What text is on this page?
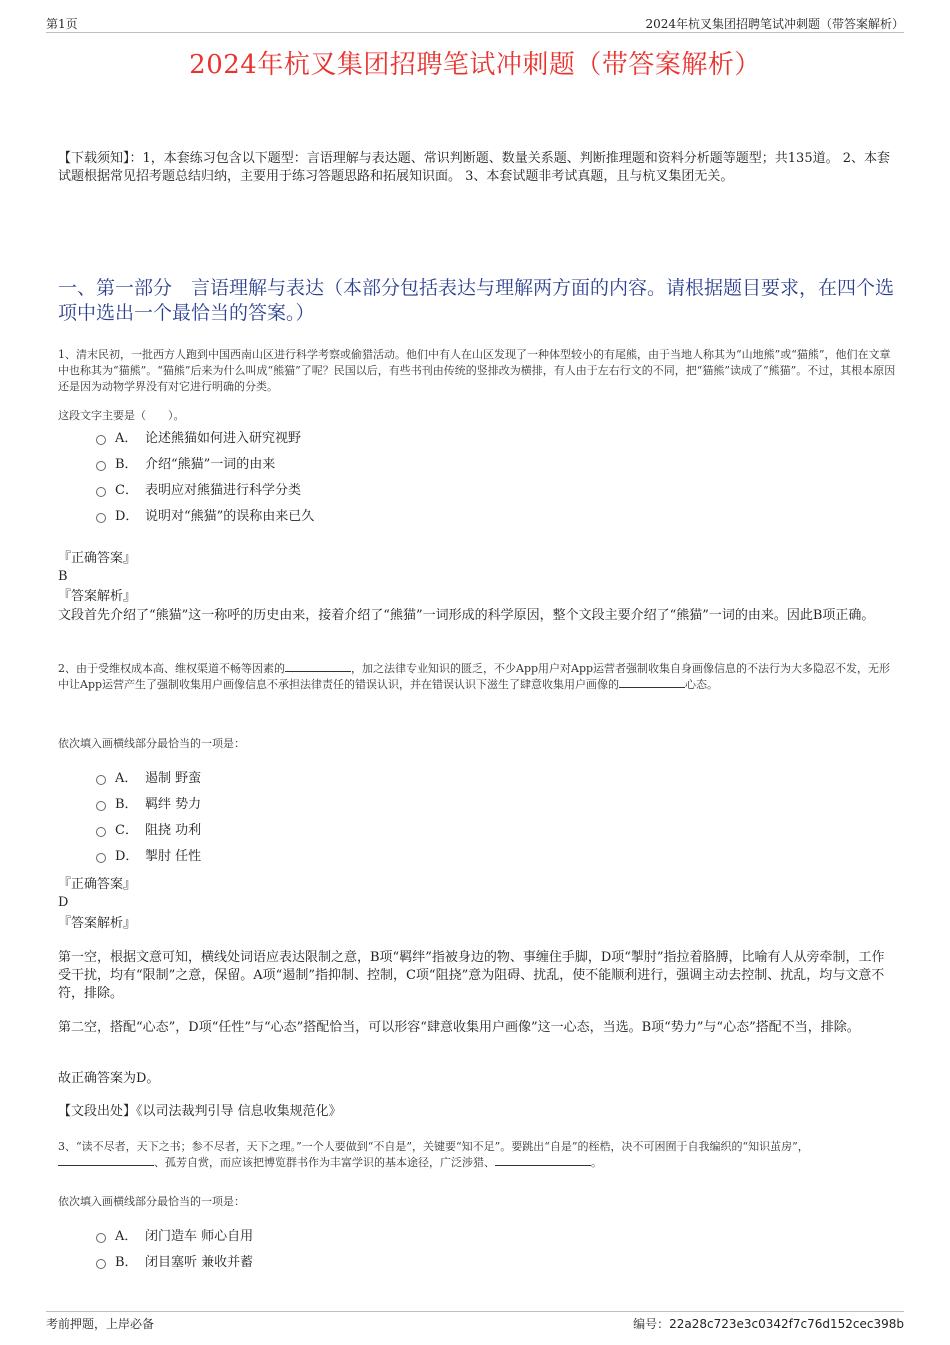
第1页	2024年杭叉集团招聘笔试冲刺题（带答案解析）
2024年杭叉集团招聘笔试冲刺题（带答案解析）
【下载须知】：1，本套练习包含以下题型：言语理解与表达题、常识判断题、数量关系题、判断推理题和资料分析题等题型；共135道。 2、本套试题根据常见招考题总结归纳，主要用于练习答题思路和拓展知识面。 3、本套试题非考试真题，且与杭叉集团无关。
一、第一部分　言语理解与表达（本部分包括表达与理解两方面的内容。请根据题目要求，在四个选项中选出一个最恰当的答案。）
1、清末民初，一批西方人跑到中国西南山区进行科学考察或偷猎活动。他们中有人在山区发现了一种体型较小的有尾熊，由于当地人称其为“山地熊”或“猫熊”，他们在文章中也称其为“猫熊”。“猫熊”后来为什么叫成“熊猫”了呢？民国以后，有些书刊由传统的竖排改为横排，有人由于左右行文的不同，把“猫熊”读成了“熊猫”。不过，其根本原因还是因为动物学界没有对它进行明确的分类。
这段文字主要是（　　）。
A． 论述熊猫如何进入研究视野
B． 介绍“熊猫”一词的由来
C． 表明应对熊猫进行科学分类
D． 说明对“熊猫”的误称由来已久
『正确答案』
B
『答案解析』
文段首先介绍了“熊猫”这一称呼的历史由来，接着介绍了“熊猫”一词形成的科学原因，整个文段主要介绍了“熊猫”一词的由来。因此B项正确。
2、由于受维权成本高、维权渠道不畅等因素的	，加之法律专业知识的匮乏，不少App用户对App运营者强制收集自身画像信息的不法行为大多隐忍不发，无形中让App运营产生了强制收集用户画像信息不承担法律责任的错误认识，并在错误认识下滋生了肆意收集用户画像的	心态。
依次填入画横线部分最恰当的一项是：
A． 遏制 野蛮
B． 羁绊 势力
C． 阻挠 功利
D． 掣肘 任性
『正确答案』
D
『答案解析』
第一空，根据文意可知，横线处词语应表达限制之意，B项“羁绊”指被身边的物、事缠住手脚，D项“掣肘”指拉着胳膊，比喻有人从旁牵制，工作受干扰，均有“限制”之意，保留。A项“遏制”指抑制、控制，C项“阻挠”意为阻碍、扰乱，使不能顺利进行，强调主动去控制、扰乱，均与文意不符，排除。
第二空，搭配“心态”，D项“任性”与“心态”搭配恰当，可以形容“肆意收集用户画像”这一心态，当选。B项“势力”与“心态”搭配不当，排除。
故正确答案为D。
【文段出处】《以司法裁判引导 信息收集规范化》
3、“读不尽者，天下之书；参不尽者，天下之理。”一个人要做到“不自是”，关键要“知不足”。要跳出“自是”的桎梏，决不可困囿于自我编织的“知识茧房”，、孤芳自赏，而应该把博览群书作为丰富学识的基本途径，广泛涉猎、	。
依次填入画横线部分最恰当的一项是：
A． 闭门造车 师心自用
B． 闭目塞听 兼收并蓄
考前押题，上岸必备	编号：22a28c723e3c0342f7c76d152cec398b
